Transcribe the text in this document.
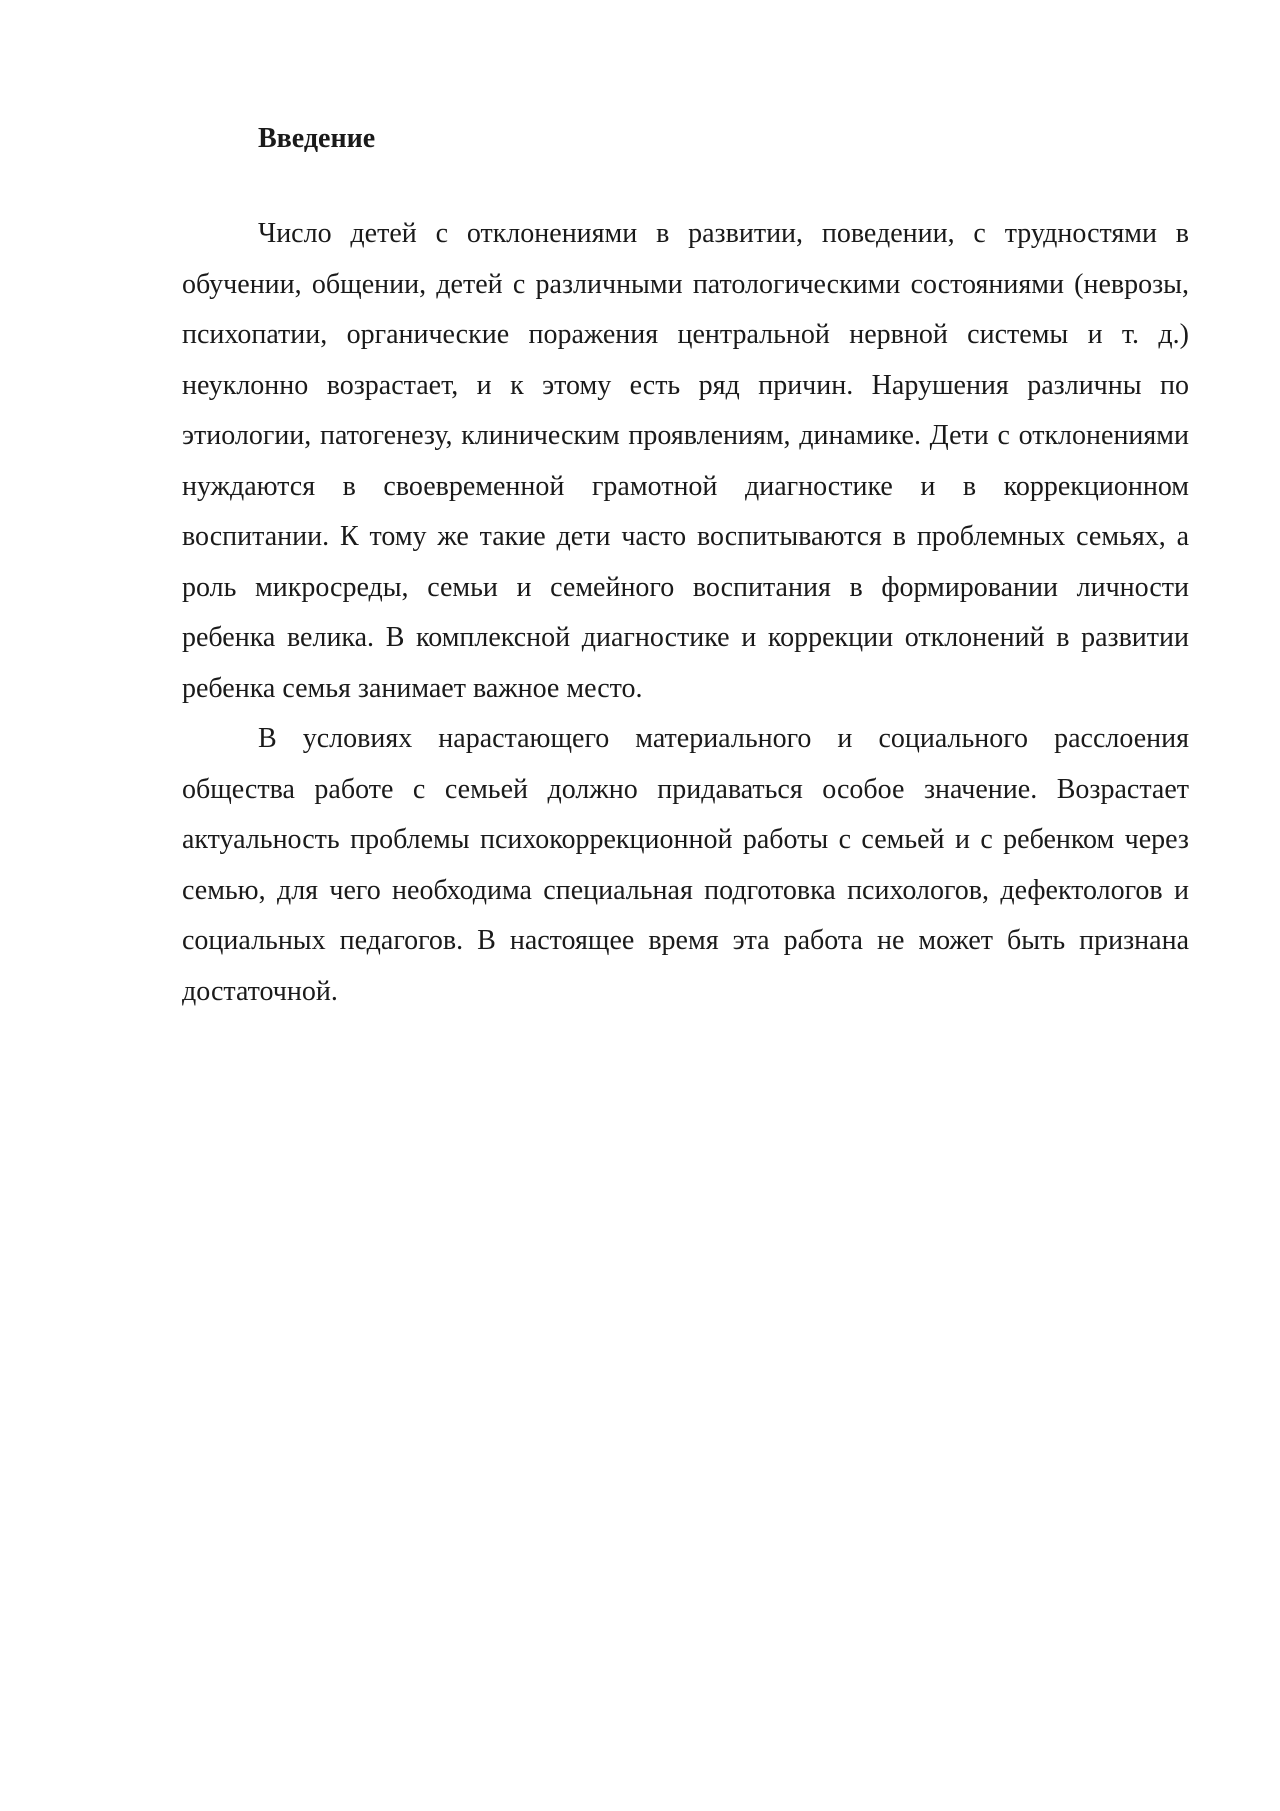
Введение

Число детей с отклонениями в развитии, поведении, с трудностями в обучении, общении, детей с различными патологическими состояниями (неврозы, психопатии, органические поражения центральной нервной системы и т. д.) неуклонно возрастает, и к этому есть ряд причин. Нарушения различны по этиологии, патогенезу, клиническим проявлениям, динамике. Дети с отклонениями нуждаются в своевременной грамотной диагностике и в коррекционном воспитании. К тому же такие дети часто воспитываются в проблемных семьях, а роль микросреды, семьи и семейного воспитания в формировании личности ребенка велика. В комплексной диагностике и коррекции отклонений в развитии ребенка семья занимает важное место.

В условиях нарастающего материального и социального расслоения общества работе с семьей должно придаваться особое значение. Возрастает актуальность проблемы психокоррекционной работы с семьей и с ребенком через семью, для чего необходима специальная подготовка психологов, дефектологов и социальных педагогов. В настоящее время эта работа не может быть признана достаточной.
